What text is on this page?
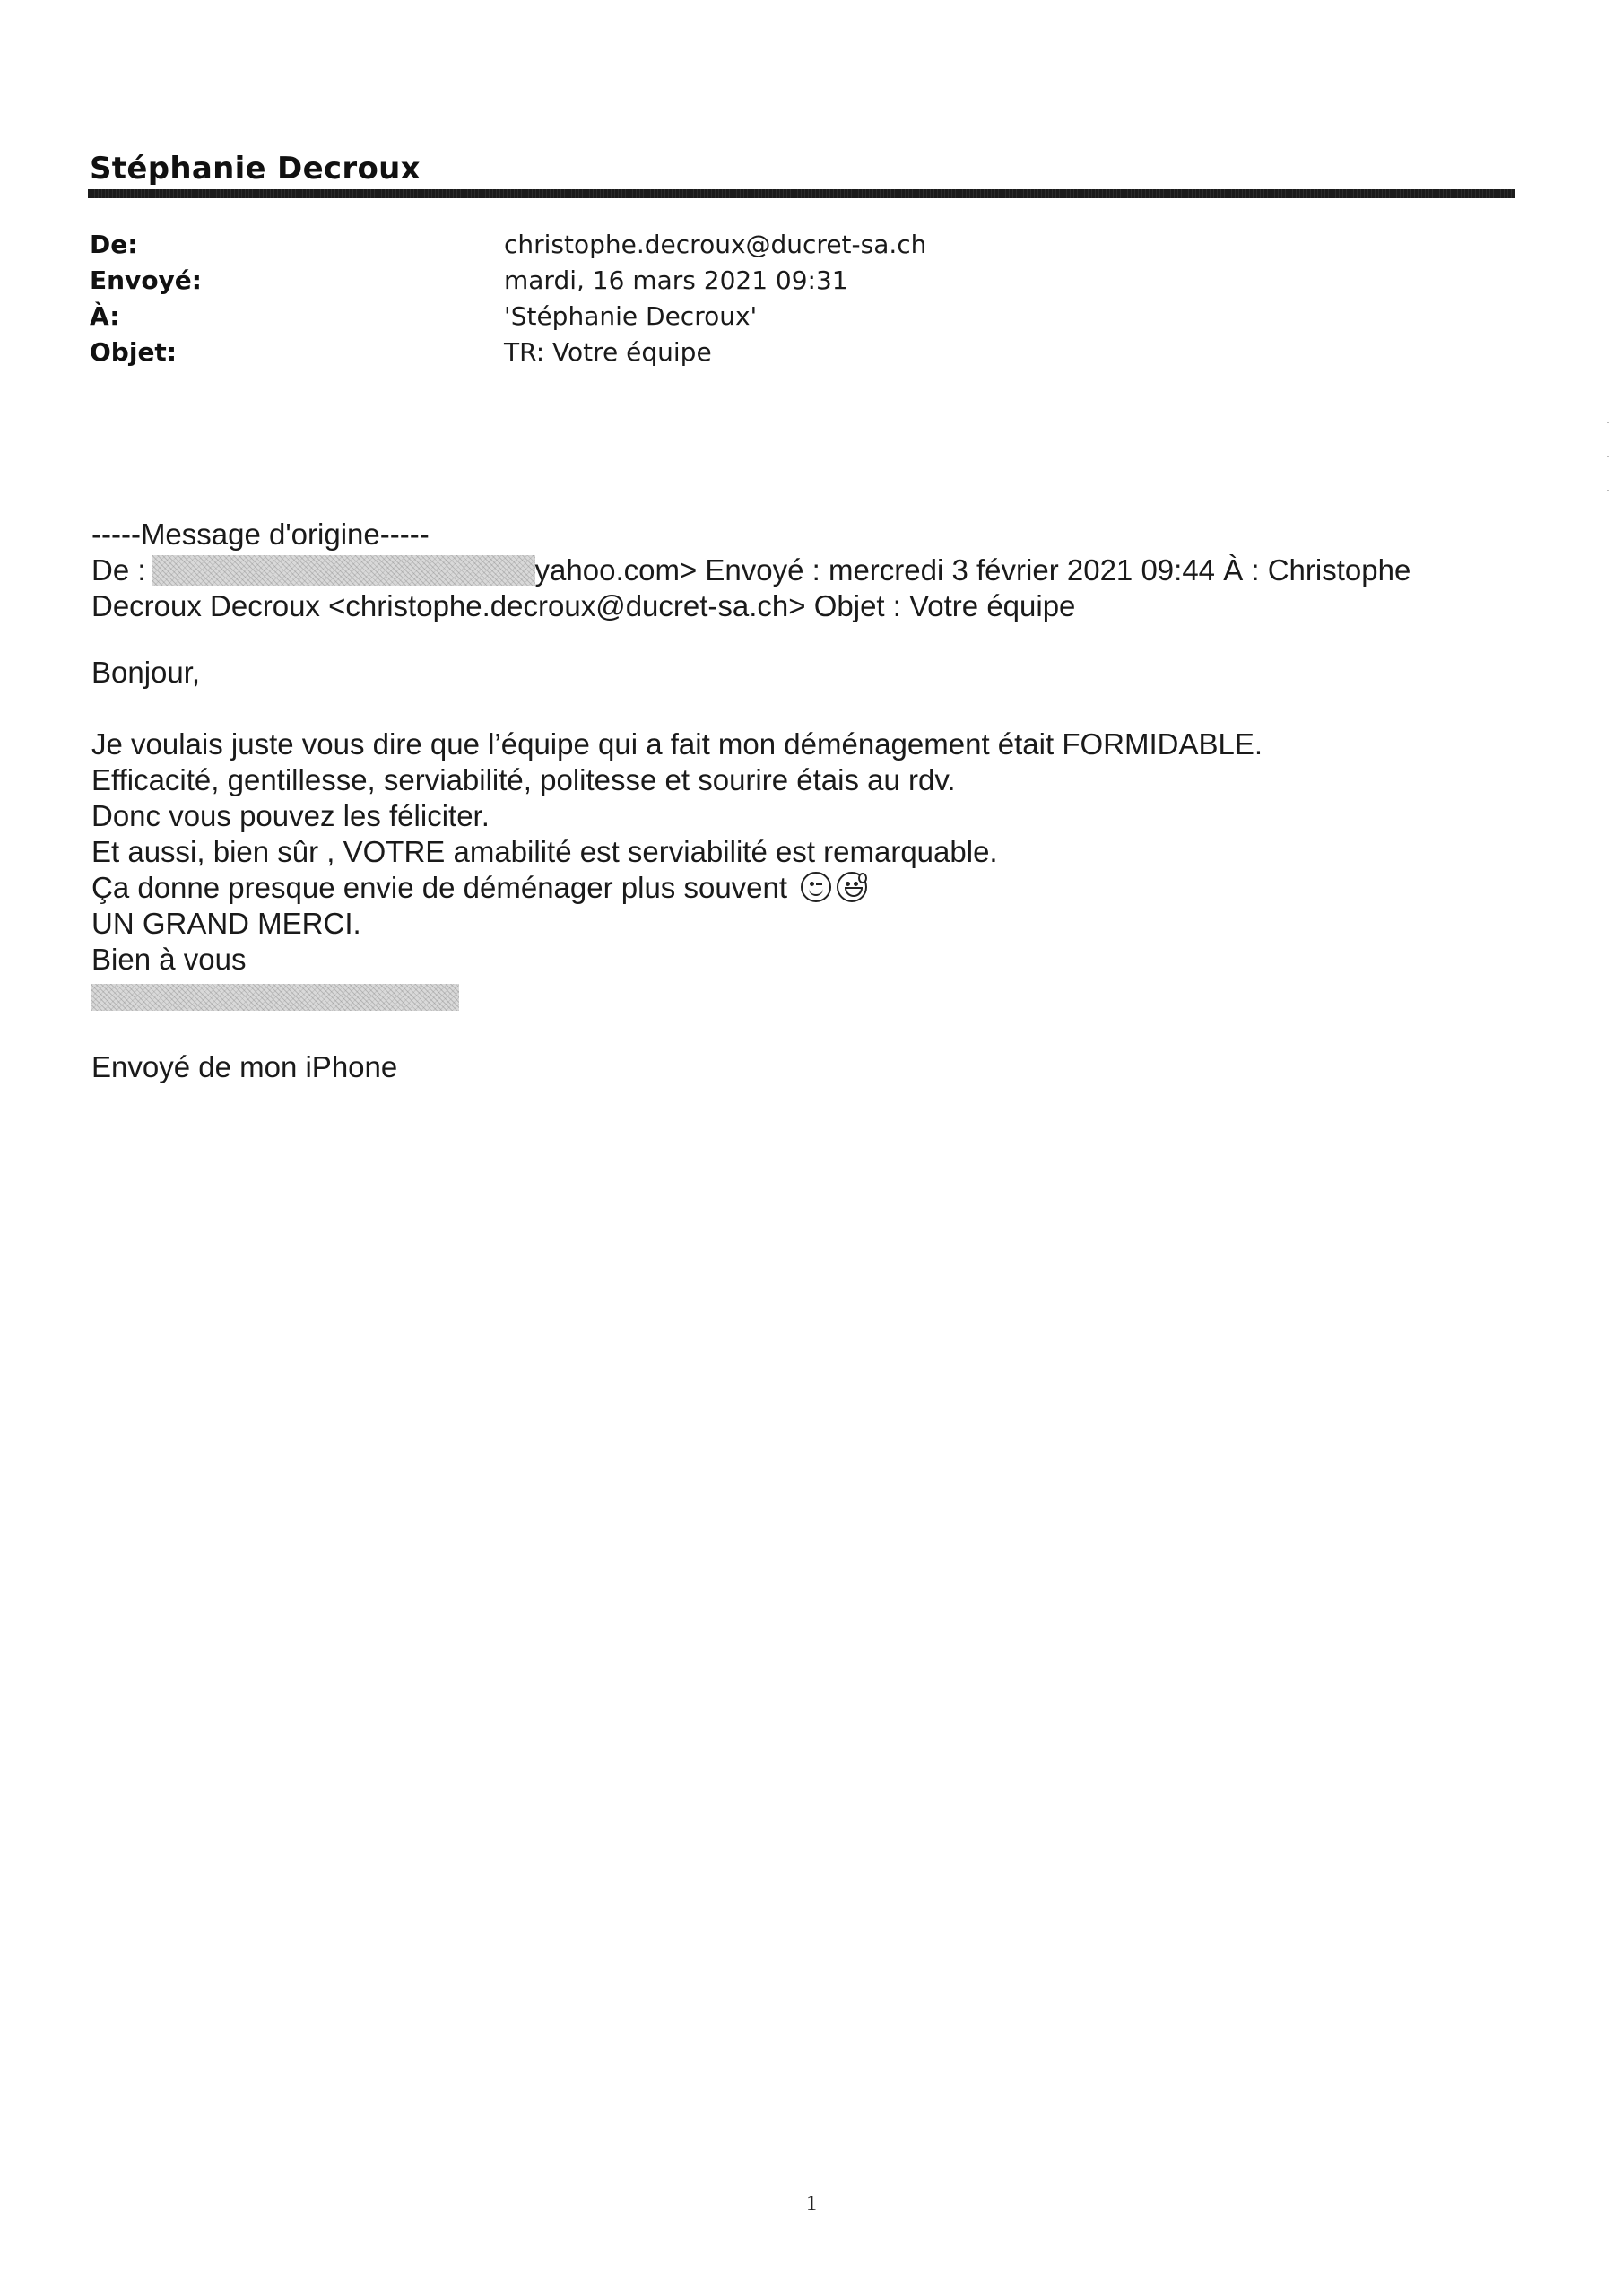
Stéphanie Decroux
De:	christophe.decroux@ducret-sa.ch
Envoyé:	mardi, 16 mars 2021 09:31
À:	'Stéphanie Decroux'
Objet:	TR: Votre équipe
-----Message d'origine-----
De :	yahoo.com> Envoyé : mercredi 3 février 2021 09:44 À : Christophe
Decroux Decroux <christophe.decroux@ducret-sa.ch> Objet : Votre équipe
Bonjour,
Je voulais juste vous dire que l’équipe qui a fait mon déménagement était FORMIDABLE.
Efficacité, gentillesse, serviabilité, politesse et sourire étais au rdv.
Donc vous pouvez les féliciter.
Et aussi, bien sûr , VOTRE amabilité est serviabilité est remarquable.
Ça donne presque envie de déménager plus souvent
UN GRAND MERCI.
Bien à vous
Envoyé de mon iPhone
1
